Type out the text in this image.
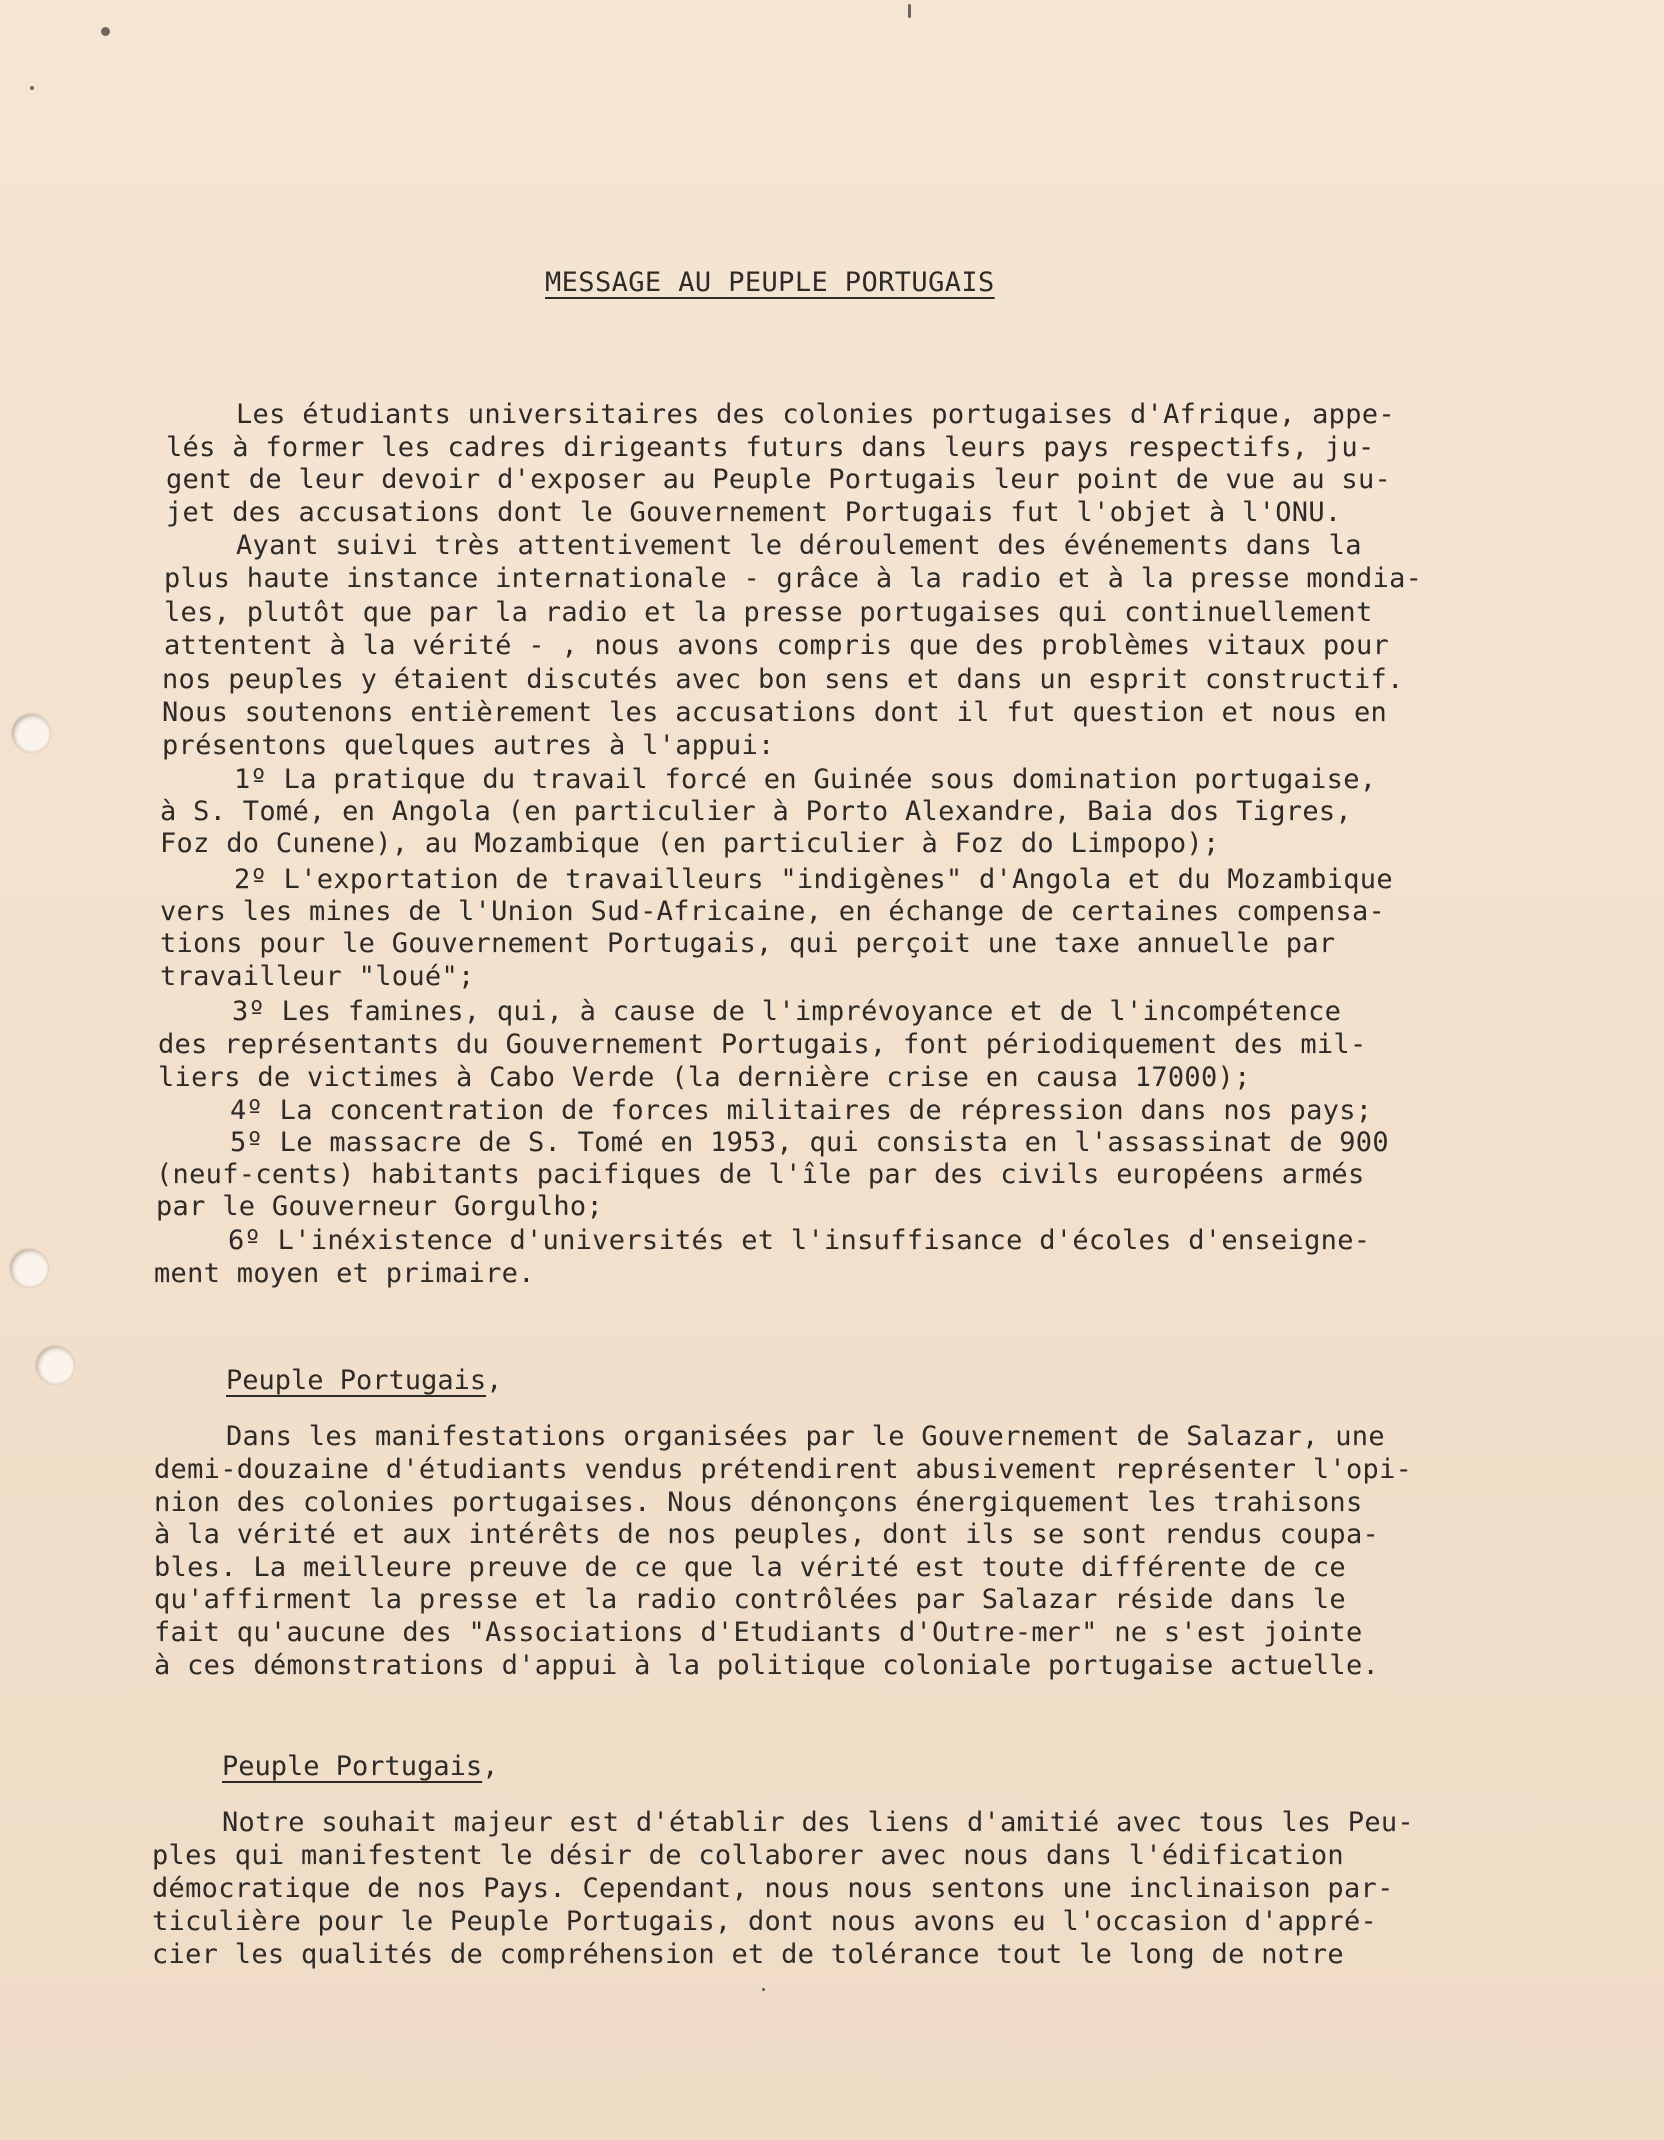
MESSAGE AU PEUPLE PORTUGAIS
Les étudiants universitaires des colonies portugaises d'Afrique, appe-
lés à former les cadres dirigeants futurs dans leurs pays respectifs, ju-
gent de leur devoir d'exposer au Peuple Portugais leur point de vue au su-
jet des accusations dont le Gouvernement Portugais fut l'objet à l'ONU.
Ayant suivi très attentivement le déroulement des événements dans la
plus haute instance internationale - grâce à la radio et à la presse mondia-
les, plutôt que par la radio et la presse portugaises qui continuellement
attentent à la vérité - , nous avons compris que des problèmes vitaux pour
nos peuples y étaient discutés avec bon sens et dans un esprit constructif.
Nous soutenons entièrement les accusations dont il fut question et nous en
présentons quelques autres à l'appui:
1º La pratique du travail forcé en Guinée sous domination portugaise,
à S. Tomé, en Angola (en particulier à Porto Alexandre, Baia dos Tigres,
Foz do Cunene), au Mozambique (en particulier à Foz do Limpopo);
2º L'exportation de travailleurs "indigènes" d'Angola et du Mozambique
vers les mines de l'Union Sud-Africaine, en échange de certaines compensa-
tions pour le Gouvernement Portugais, qui perçoit une taxe annuelle par
travailleur "loué";
3º Les famines, qui, à cause de l'imprévoyance et de l'incompétence
des représentants du Gouvernement Portugais, font périodiquement des mil-
liers de victimes à Cabo Verde (la dernière crise en causa 17000);
4º La concentration de forces militaires de répression dans nos pays;
5º Le massacre de S. Tomé en 1953, qui consista en l'assassinat de 900
(neuf-cents) habitants pacifiques de l'île par des civils européens armés
par le Gouverneur Gorgulho;
6º L'inéxistence d'universités et l'insuffisance d'écoles d'enseigne-
ment moyen et primaire.
Peuple Portugais,
Dans les manifestations organisées par le Gouvernement de Salazar, une
demi-douzaine d'étudiants vendus prétendirent abusivement représenter l'opi-
nion des colonies portugaises. Nous dénonçons énergiquement les trahisons
à la vérité et aux intérêts de nos peuples, dont ils se sont rendus coupa-
bles. La meilleure preuve de ce que la vérité est toute différente de ce
qu'affirment la presse et la radio contrôlées par Salazar réside dans le
fait qu'aucune des "Associations d'Etudiants d'Outre-mer" ne s'est jointe
à ces démonstrations d'appui à la politique coloniale portugaise actuelle.
Peuple Portugais,
Notre souhait majeur est d'établir des liens d'amitié avec tous les Peu-
ples qui manifestent le désir de collaborer avec nous dans l'édification
démocratique de nos Pays. Cependant, nous nous sentons une inclinaison par-
ticulière pour le Peuple Portugais, dont nous avons eu l'occasion d'appré-
cier les qualités de compréhension et de tolérance tout le long de notre
